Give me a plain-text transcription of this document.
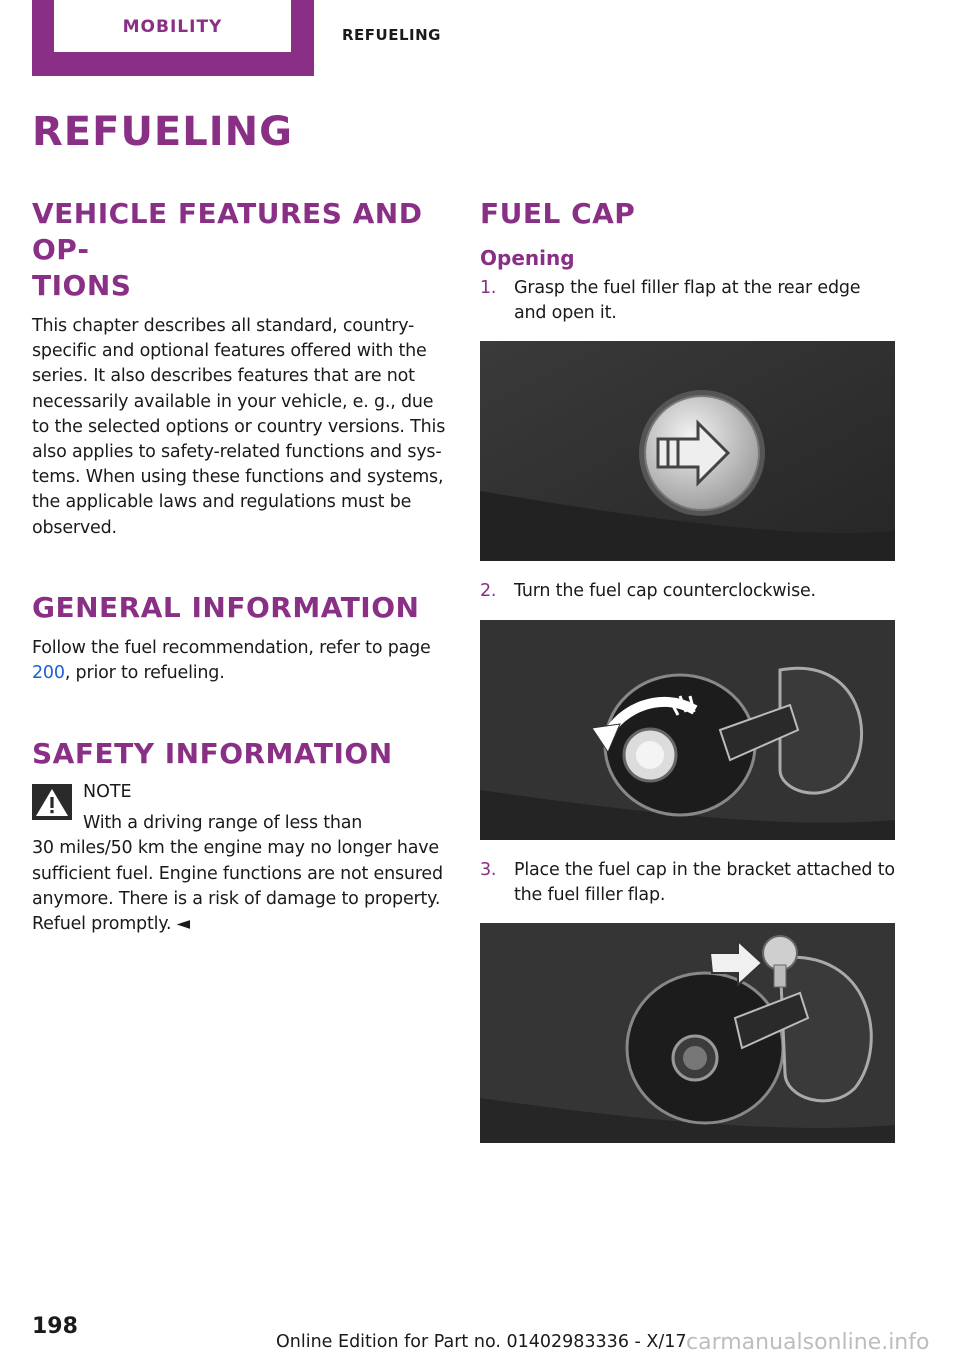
MOBILITY	REFUELING
REFUELING
VEHICLE FEATURES AND OP‐
TIONS

This chapter describes all standard, country-specific and optional features offered with the series. It also describes features that are not necessarily available in your vehicle, e. g., due to the selected options or country versions. This also applies to safety-related functions and sys‐tems. When using these functions and systems, the applicable laws and regulations must be observed.

GENERAL INFORMATION

Follow the fuel recommendation, refer to page 200, prior to refueling.

SAFETY INFORMATION
NOTE

With a driving range of less than

30 miles/50 km the engine may no longer have sufficient fuel. Engine functions are not ensured anymore. There is a risk of damage to property. Refuel promptly. ◄

FUEL CAP
Opening
1. Grasp the fuel filler flap at the rear edge and open it.
2. Turn the fuel cap counterclockwise.
3. Place the fuel cap in the bracket attached to the fuel filler flap.
198
Online Edition for Part no. 01402983336 - X/17 carmanualsonline.info
